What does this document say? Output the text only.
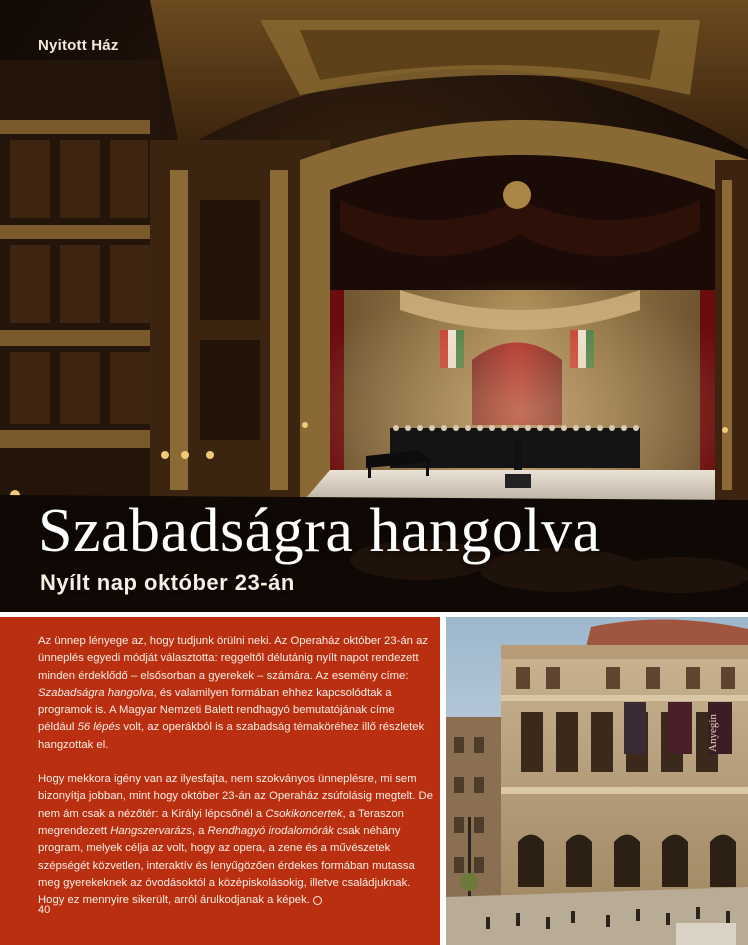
Nyitott Ház

Szabadságra hangolva
Nyílt nap október 23-án

Az ünnep lényege az, hogy tudjunk örülni neki. Az Operaház október 23-án az ünneplés egyedi módját választotta: reggeltől délutánig nyílt napot rendezett minden érdeklődő – elsősorban a gyerekek – számára. Az esemény címe: Szabadságra hangolva, és valamilyen formában ehhez kapcsolódtak a programok is. A Magyar Nemzeti Balett rendhagyó bemutatójának címe például 56 lépés volt, az operákból is a szabadság témaköréhez illő részletek hangzottak el.

Hogy mekkora igény van az ilyesfajta, nem szokványos ünneplésre, mi sem bizonyítja jobban, mint hogy október 23-án az Operaház zsúfolásig megtelt. De nem ám csak a nézőtér: a Királyi lépcsőnél a Csokikoncertek, a Teraszon megrendezett Hangszervarázs, a Rendhagyó irodalomórák csak néhány program, melyek célja az volt, hogy az opera, a zene és a művészetek szépségét közvetlen, interaktív és lenyűgözően érdekes formában mutassa meg gyerekeknek az óvodásoktól a középiskolásokig, illetve családjuknak. Hogy ez mennyire sikerült, arról árulkodjanak a képek.

40
Anyegin
